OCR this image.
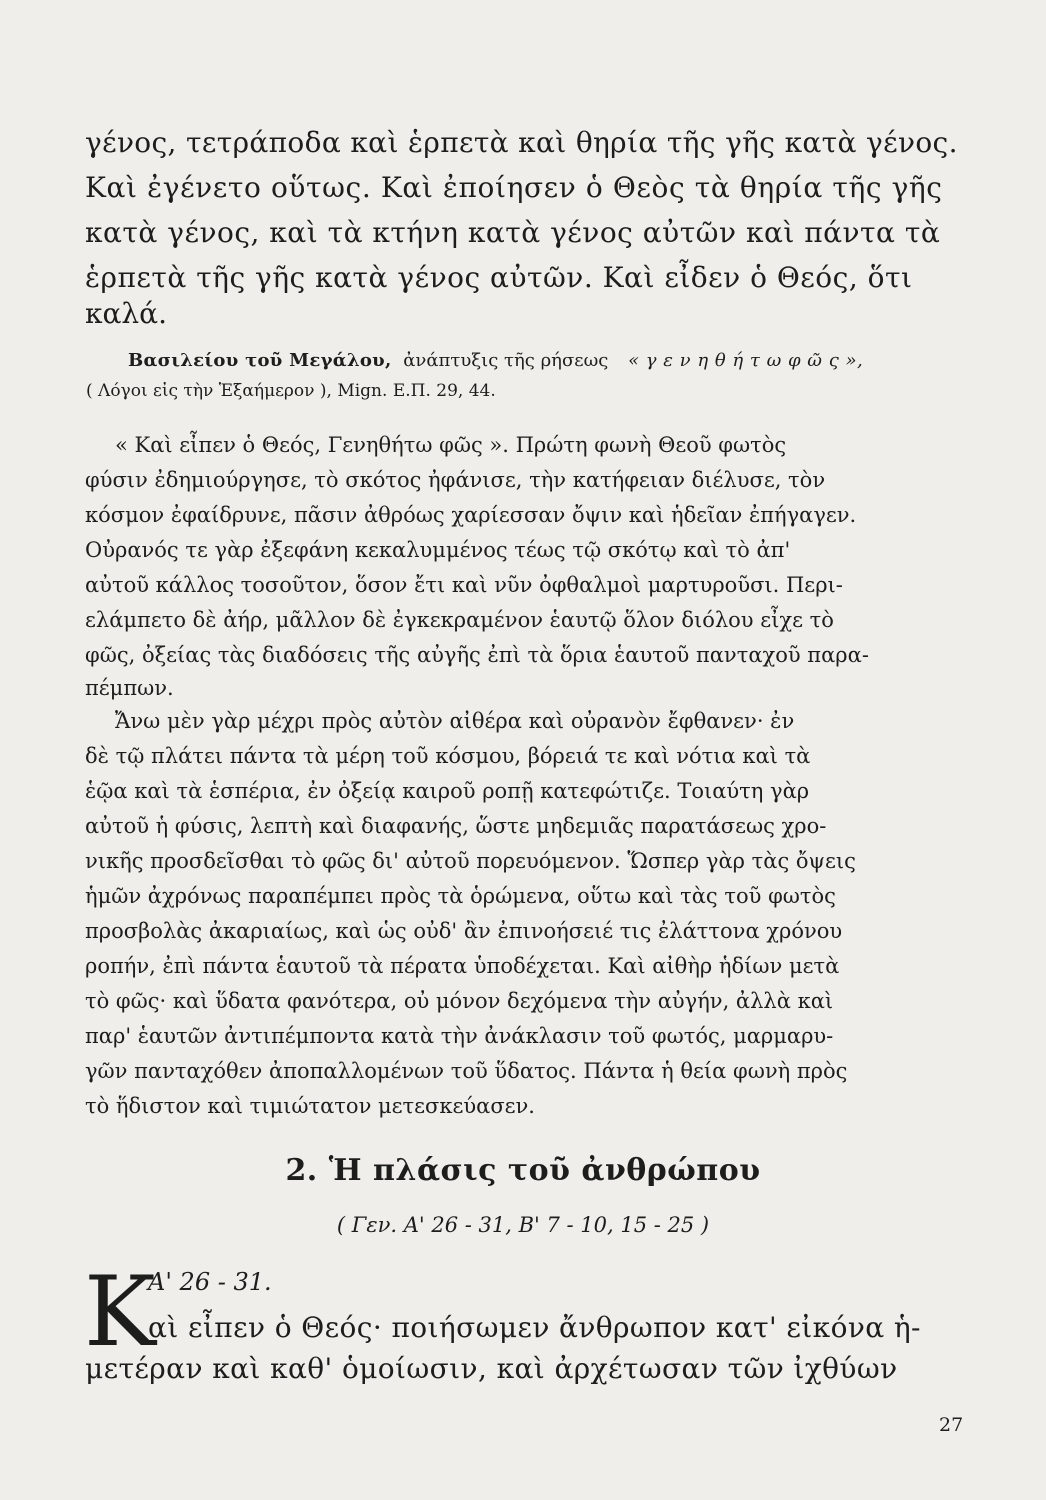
γένος, τετράποδα καὶ ἑρπετὰ καὶ θηρία τῆς γῆς κατὰ γένος.
Καὶ ἐγένετο οὕτως. Καὶ ἐποίησεν ὁ Θεὸς τὰ θηρία τῆς γῆς
κατὰ γένος, καὶ τὰ κτήνη κατὰ γένος αὐτῶν καὶ πάντα τὰ
ἑρπετὰ τῆς γῆς κατὰ γένος αὐτῶν. Καὶ εἶδεν ὁ Θεός, ὅτι
καλά.
Βασιλείου τοῦ Μεγάλου, ἀνάπτυξις τῆς ρήσεως « γ ε ν η θ ή τ ω φ ῶ ς »,
( Λόγοι εἰς τὴν Ἑξαήμερον ), Mign. Ε.Π. 29, 44.
« Καὶ εἶπεν ὁ Θεός, Γενηθήτω φῶς ». Πρώτη φωνὴ Θεοῦ φωτὸς
φύσιν ἐδημιούργησε, τὸ σκότος ἠφάνισε, τὴν κατήφειαν διέλυσε, τὸν
κόσμον ἐφαίδρυνε, πᾶσιν ἀθρόως χαρίεσσαν ὄψιν καὶ ἡδεῖαν ἐπήγαγεν.
Οὐρανός τε γὰρ ἐξεφάνη κεκαλυμμένος τέως τῷ σκότῳ καὶ τὸ ἀπ'
αὐτοῦ κάλλος τοσοῦτον, ὅσον ἔτι καὶ νῦν ὀφθαλμοὶ μαρτυροῦσι. Περι-
ελάμπετο δὲ ἀήρ, μᾶλλον δὲ ἐγκεκραμένον ἑαυτῷ ὅλον διόλου εἶχε τὸ
φῶς, ὀξείας τὰς διαδόσεις τῆς αὐγῆς ἐπὶ τὰ ὅρια ἑαυτοῦ πανταχοῦ παρα-
πέμπων.
Ἄνω μὲν γὰρ μέχρι πρὸς αὐτὸν αἰθέρα καὶ οὐρανὸν ἔφθανεν· ἐν
δὲ τῷ πλάτει πάντα τὰ μέρη τοῦ κόσμου, βόρειά τε καὶ νότια καὶ τὰ
ἑῷα καὶ τὰ ἑσπέρια, ἐν ὀξείᾳ καιροῦ ροπῇ κατεφώτιζε. Τοιαύτη γὰρ
αὐτοῦ ἡ φύσις, λεπτὴ καὶ διαφανής, ὥστε μηδεμιᾶς παρατάσεως χρο-
νικῆς προσδεῖσθαι τὸ φῶς δι' αὐτοῦ πορευόμενον. Ὥσπερ γὰρ τὰς ὄψεις
ἡμῶν ἀχρόνως παραπέμπει πρὸς τὰ ὁρώμενα, οὕτω καὶ τὰς τοῦ φωτὸς
προσβολὰς ἀκαριαίως, καὶ ὡς οὐδ' ἂν ἐπινοήσειέ τις ἐλάττονα χρόνου
ροπήν, ἐπὶ πάντα ἑαυτοῦ τὰ πέρατα ὑποδέχεται. Καὶ αἰθὴρ ἡδίων μετὰ
τὸ φῶς· καὶ ὕδατα φανότερα, οὐ μόνον δεχόμενα τὴν αὐγήν, ἀλλὰ καὶ
παρ' ἑαυτῶν ἀντιπέμποντα κατὰ τὴν ἀνάκλασιν τοῦ φωτός, μαρμαρυ-
γῶν πανταχόθεν ἀποπαλλομένων τοῦ ὕδατος. Πάντα ἡ θεία φωνὴ πρὸς
τὸ ἥδιστον καὶ τιμιώτατον μετεσκεύασεν.
2. Ἡ πλάσις τοῦ ἀνθρώπου
( Γεν. Α' 26 - 31, Β' 7 - 10, 15 - 25 )
Κ
Α' 26 - 31.
αὶ εἶπεν ὁ Θεός· ποιήσωμεν ἄνθρωπον κατ' εἰκόνα ἡ-
μετέραν καὶ καθ' ὁμοίωσιν, καὶ ἀρχέτωσαν τῶν ἰχθύων
27
